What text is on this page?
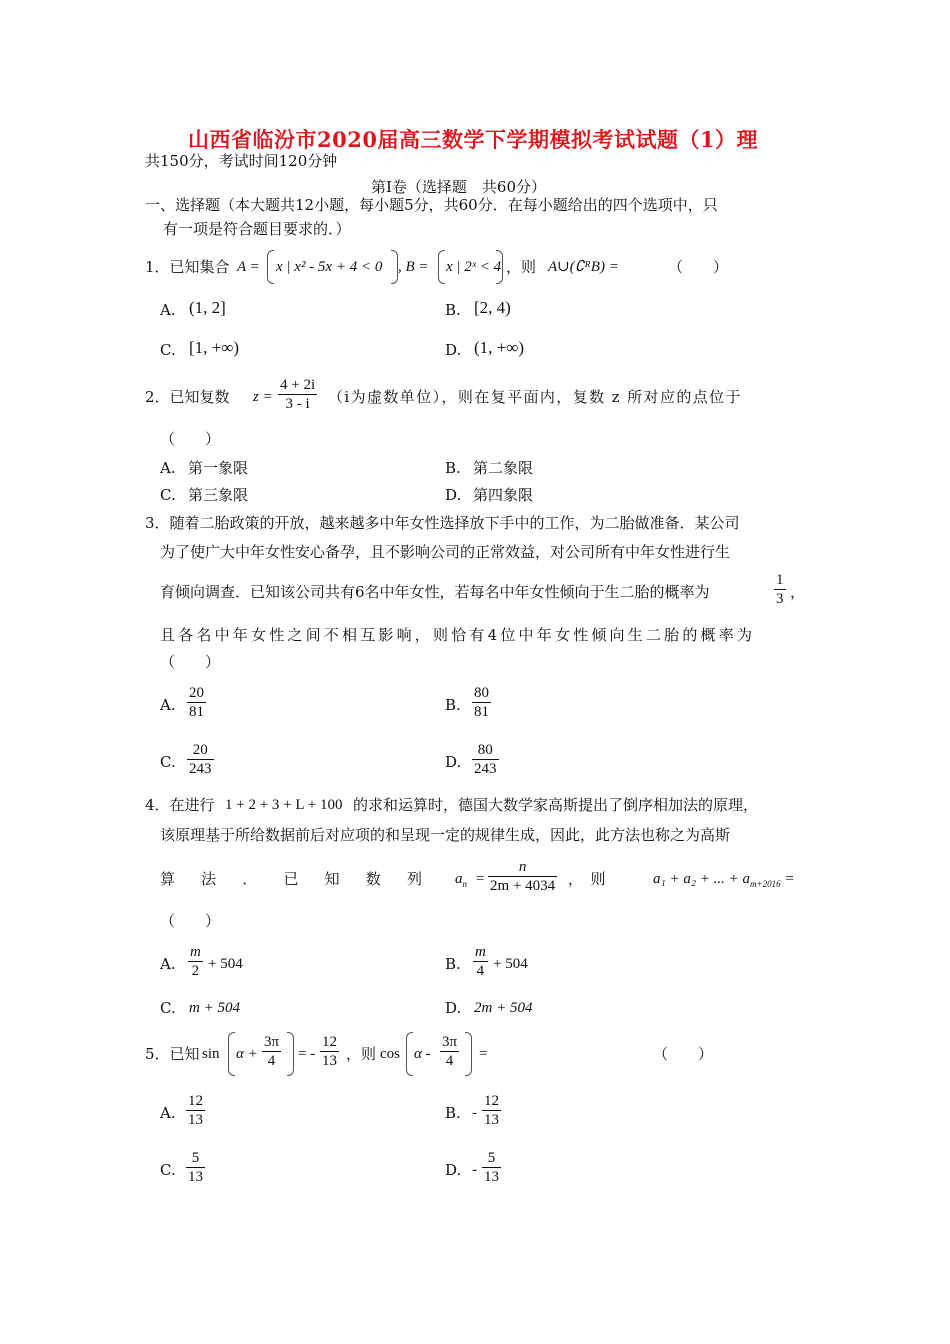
山西省临汾市2020届高三数学下学期模拟考试试题（1）理
共150分，考试时间120分钟
第Ⅰ卷（选择题　共60分）
一、选择题（本大题共12小题，每小题5分，共60分．在每小题给出的四个选项中，只
有一项是符合题目要求的．）
1．已知集合 A = x | x² - 5x + 4 < 0 , B = x | 2ˣ < 4 ，则 A∪(∁ᴿB) =	（　　）
A. (1, 2]	B. [2, 4)
C. [1, +∞)	D. (1, +∞)
2．已知复数 z =
4 + 2i
3 - i	（i为虚数单位），则在复平面内，复数 z 所对应的点位于
（　　）
A. 第一象限	B. 第二象限
C. 第三象限	D. 第四象限
3．随着二胎政策的开放，越来越多中年女性选择放下手中的工作，为二胎做准备．某公司
为了使广大中年女性安心备孕，且不影响公司的正常效益，对公司所有中年女性进行生
育倾向调查．已知该公司共有6名中年女性，若每名中年女性倾向于生二胎的概率为
1
3 ，
且各名中年女性之间不相互影响，则恰有4位中年女性倾向生二胎的概率为
（　　）
A.
20
81	B.
80
81
C.
20
243	D.
80
243
4．在进行 1 + 2 + 3 + L + 100 的求和运算时，德国大数学家高斯提出了倒序相加法的原理，
该原理基于所给数据前后对应项的和呈现一定的规律生成，因此，此方法也称之为高斯
算 法 ． 已 知 数 列 $a_n$ =
n
2m + 4034 ，　则	a₁ + a₂ + ... + $a_{m+2016}$ =
（　　）
A.
m
2 + 504	B.
m
4 + 504
C. m + 504	D. 2m + 504
5．已知 sin α +
3π
4	= -
12
13 ，则 cos α -
3π
4	=	（　　）
A.
12
13	B. -
12
13
C.
5
13	D. -
5
13
